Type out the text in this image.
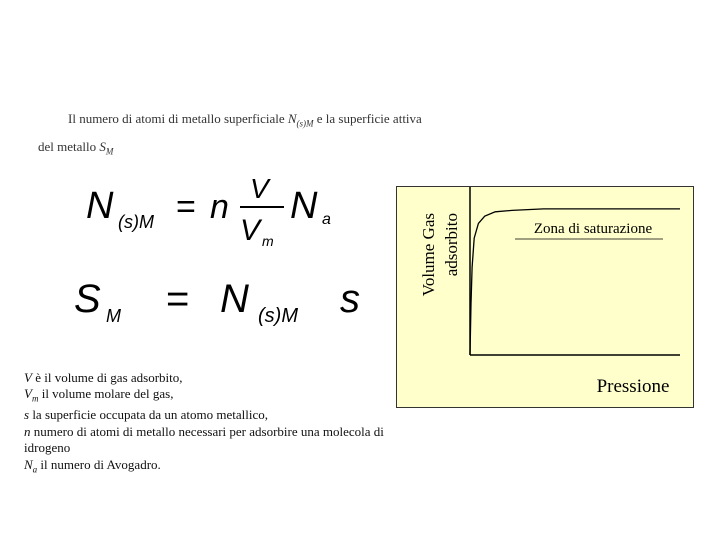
Il numero di atomi di metallo superficiale $N_{(s)M}$ e la superficie attiva
del metallo $S_M$
N (s)M = n V
V m
N a
S M = N (s)M s
Volume Gas adsorbito	Zona di saturazione
Pressione
V è il volume di gas adsorbito,
$V_m$ il volume molare del gas,
s la superficie occupata da un atomo metallico,
n numero di atomi di metallo necessari per adsorbire una molecola di
idrogeno
$N_a$ il numero di Avogadro.
